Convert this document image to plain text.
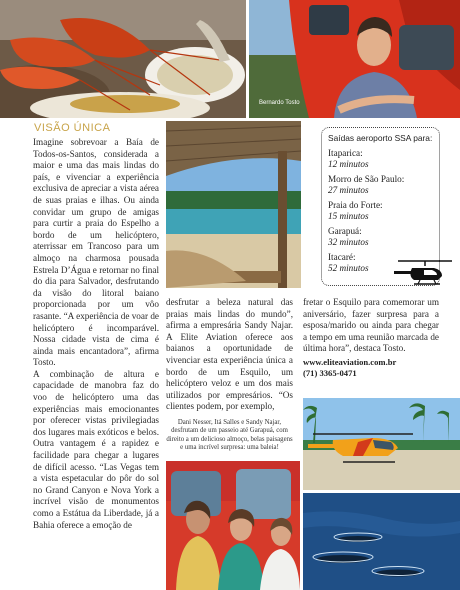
Bernardo Tosto
VISÃO ÚNICA

Imagine sobrevoar a Baía de Todos-os-Santos, considerada a maior e uma das mais lindas do país, e vivenciar a experiência exclusiva de apreciar a vista aérea de suas praias e ilhas. Ou ainda convidar um grupo de amigas para curtir a praia do Espelho a bordo de um helicóptero, aterrissar em Trancoso para um almoço na charmosa pousada Estrela D’Água e retornar no final do dia para Salvador, desfrutando da visão do litoral baiano proporcionada por um vôo rasante. “A experiência de voar de helicóptero é incomparável. Nossa cidade vista de cima é ainda mais encantadora”, afirma Tosto.

A combinação de altura e capacidade de manobra faz do voo de helicóptero uma das experiências mais emocionantes por oferecer vistas privilegiadas dos lugares mais exóticos e belos. Outra vantagem é a rapidez e facilidade para chegar a lugares de difícil acesso. “Las Vegas tem a vista espetacular do pôr do sol no Grand Canyon e Nova York a incrível visão de monumentos como a Estátua da Liberdade, já a Bahia oferece a emoção de

Saídas aeroporto SSA para:
Itaparica:
12 minutos
Morro de São Paulo:
27 minutos
Praia do Forte:
15 minutos
Garapuá:
32 minutos
Itacaré:
52 minutos

desfrutar a beleza natural das praias mais lindas do mundo”, afirma a empresária Sandy Najar. A Elite Aviation oferece aos baianos a oportunidade de vivenciar esta experiência única a bordo de um Esquilo, um helicóptero veloz e um dos mais utilizados por empresários. “Os clientes podem, por exemplo,

Dani Nesser, Itá Salles e Sandy Najar, desfrutam de um passeio até Garapuá, com direito a um delicioso almoço, belas paisagens e uma incrível surpresa: uma baleia!

fretar o Esquilo para comemorar um aniversário, fazer surpresa para a esposa/marido ou ainda para chegar a tempo em uma reunião marcada de última hora”, destaca Tosto.

www.eliteaviation.com.br

(71) 3365-0471
